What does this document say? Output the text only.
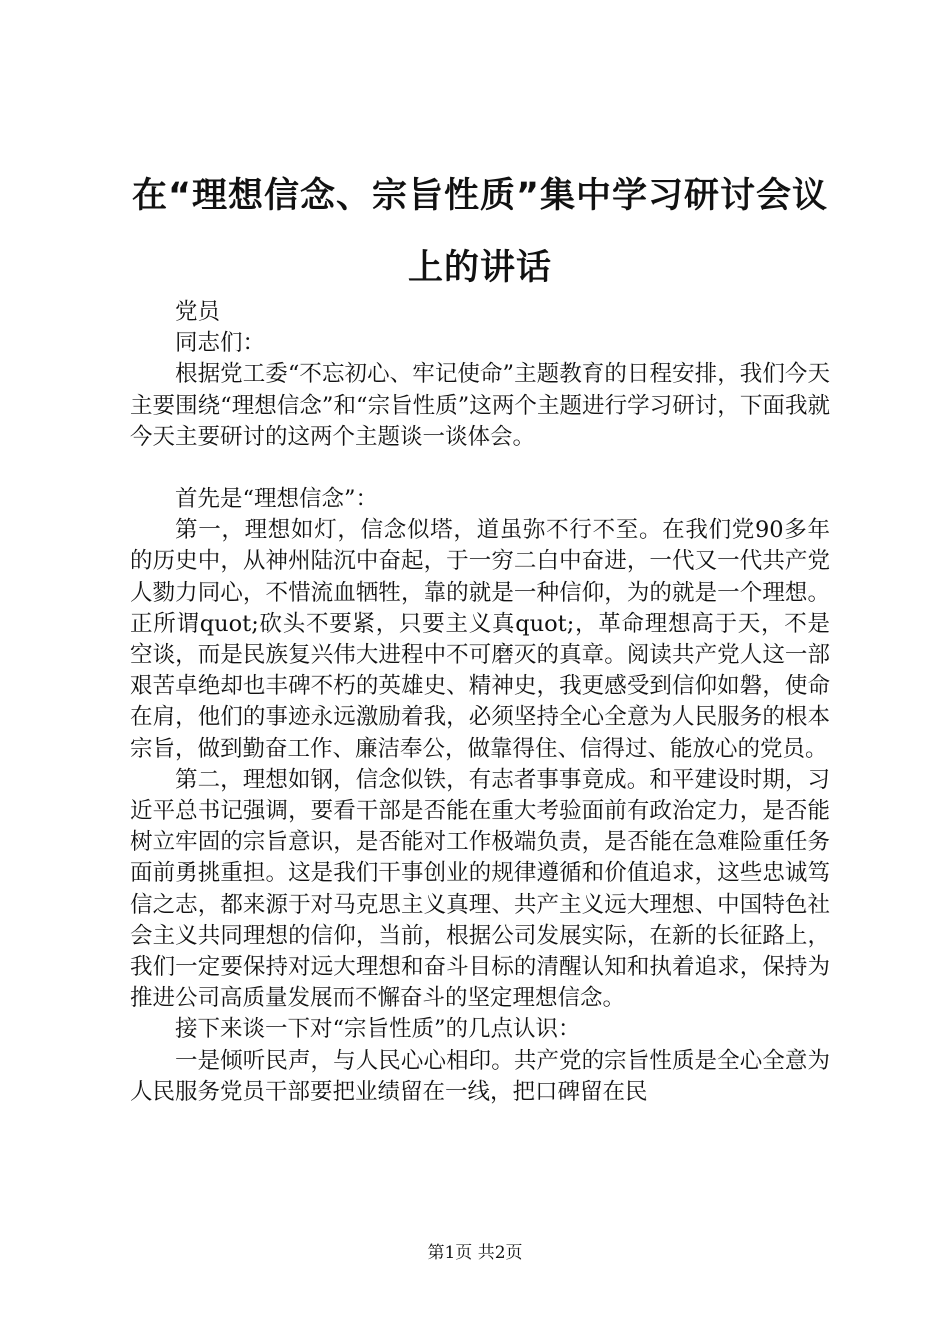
在“理想信念、宗旨性质”集中学习研讨会议上的讲话

党员

同志们：

根据党工委“不忘初心、牢记使命”主题教育的日程安排，我们今天主要围绕“理想信念”和“宗旨性质”这两个主题进行学习研讨，下面我就今天主要研讨的这两个主题谈一谈体会。

首先是“理想信念”：

第一，理想如灯，信念似塔，道虽弥不行不至。在我们党90多年的历史中，从神州陆沉中奋起，于一穷二白中奋进，一代又一代共产党人勠力同心，不惜流血牺牲，靠的就是一种信仰，为的就是一个理想。正所谓quot;砍头不要紧，只要主义真quot;，革命理想高于天，不是空谈，而是民族复兴伟大进程中不可磨灭的真章。阅读共产党人这一部艰苦卓绝却也丰碑不朽的英雄史、精神史，我更感受到信仰如磐，使命在肩，他们的事迹永远激励着我，必须坚持全心全意为人民服务的根本宗旨，做到勤奋工作、廉洁奉公，做靠得住、信得过、能放心的党员。

第二，理想如钢，信念似铁，有志者事事竟成。和平建设时期，习近平总书记强调，要看干部是否能在重大考验面前有政治定力，是否能树立牢固的宗旨意识，是否能对工作极端负责，是否能在急难险重任务面前勇挑重担。这是我们干事创业的规律遵循和价值追求，这些忠诚笃信之志，都来源于对马克思主义真理、共产主义远大理想、中国特色社会主义共同理想的信仰，当前，根据公司发展实际，在新的长征路上，我们一定要保持对远大理想和奋斗目标的清醒认知和执着追求，保持为推进公司高质量发展而不懈奋斗的坚定理想信念。

接下来谈一下对“宗旨性质”的几点认识：

一是倾听民声，与人民心心相印。共产党的宗旨性质是全心全意为人民服务党员干部要把业绩留在一线，把口碑留在民

第1页 共2页
